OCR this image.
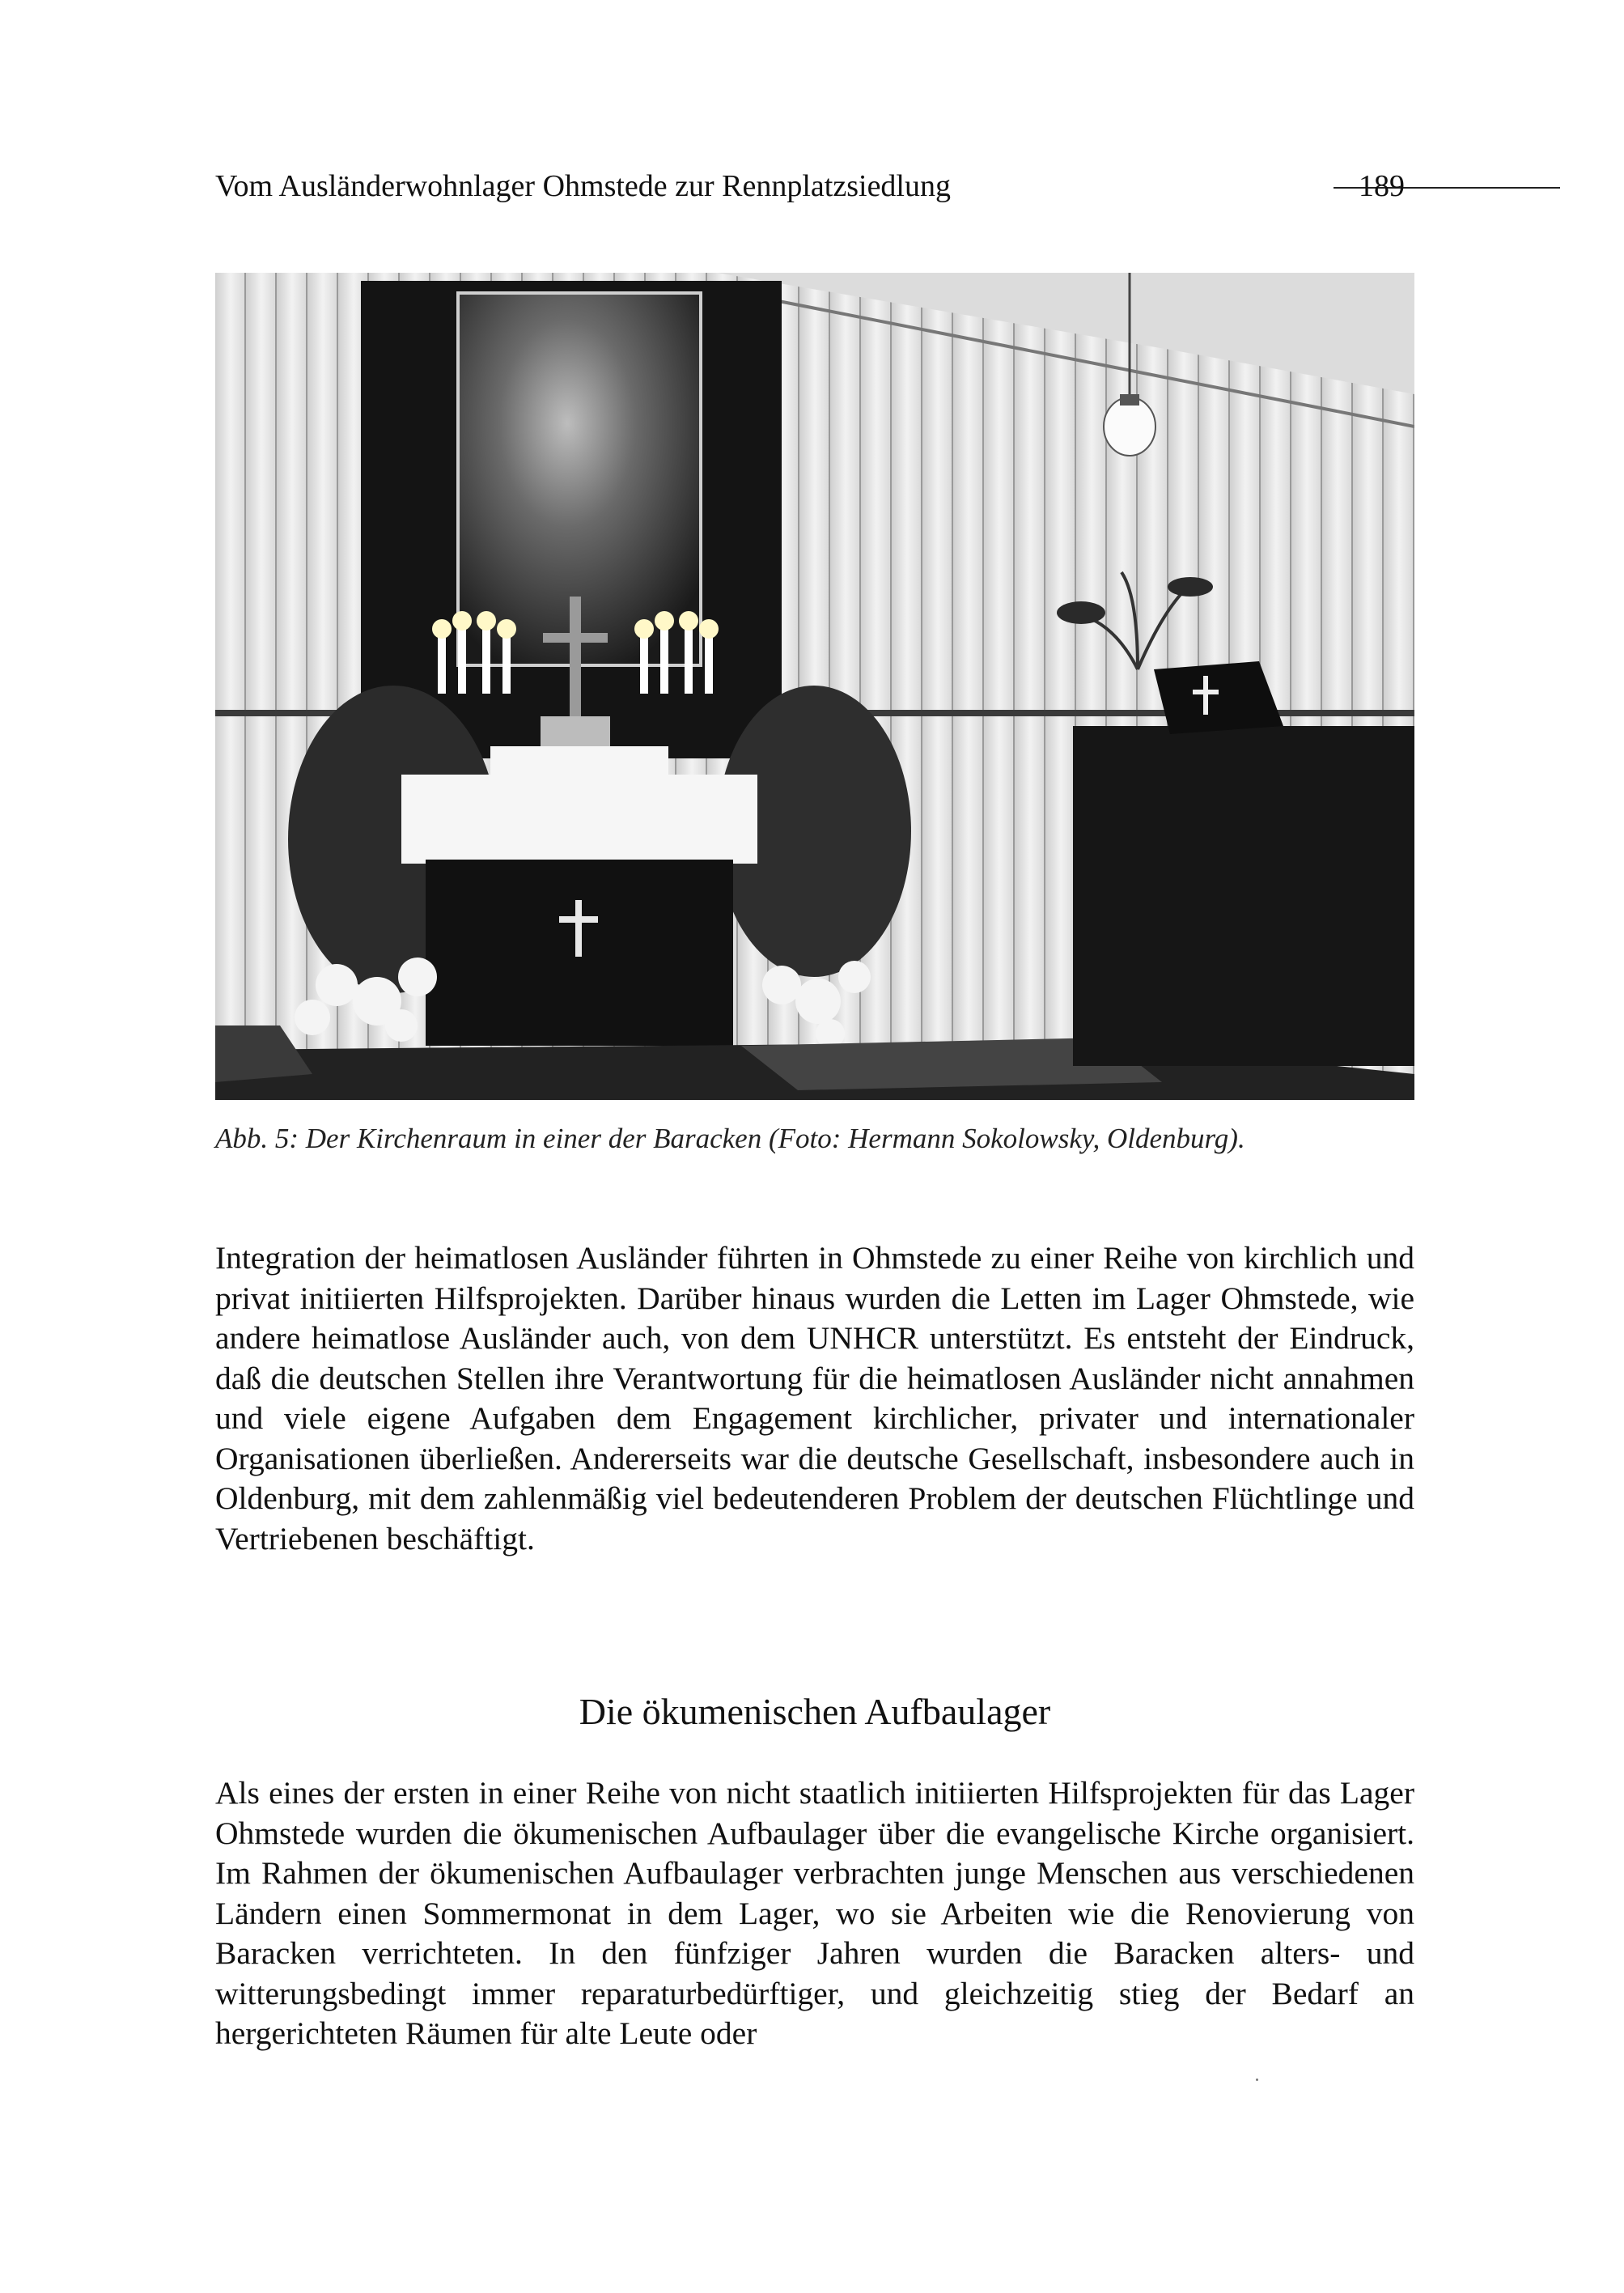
Vom Ausländerwohnlager Ohmstede zur Rennplatzsiedlung	189
Abb. 5: Der Kirchenraum in einer der Baracken (Foto: Hermann Sokolowsky, Oldenburg).

Integration der heimatlosen Ausländer führten in Ohmstede zu einer Reihe von kirchlich und privat initiierten Hilfsprojekten. Darüber hinaus wurden die Letten im Lager Ohmstede, wie andere heimatlose Ausländer auch, von dem UNHCR unterstützt. Es entsteht der Eindruck, daß die deutschen Stellen ihre Verantwortung für die heimatlosen Ausländer nicht annahmen und viele eigene Aufgaben dem Engagement kirchlicher, privater und internationaler Organisationen überließen. Andererseits war die deutsche Gesellschaft, insbesondere auch in Oldenburg, mit dem zahlenmäßig viel bedeutenderen Problem der deutschen Flüchtlinge und Vertriebenen beschäftigt.

Die ökumenischen Aufbaulager

Als eines der ersten in einer Reihe von nicht staatlich initiierten Hilfsprojekten für das Lager Ohmstede wurden die ökumenischen Aufbaulager über die evangelische Kirche organisiert. Im Rahmen der ökumenischen Aufbaulager verbrachten junge Menschen aus verschiedenen Ländern einen Sommermonat in dem Lager, wo sie Arbeiten wie die Renovierung von Baracken verrichteten. In den fünfziger Jahren wurden die Baracken alters- und witterungsbedingt immer reparaturbedürftiger, und gleichzeitig stieg der Bedarf an hergerichteten Räumen für alte Leute oder
